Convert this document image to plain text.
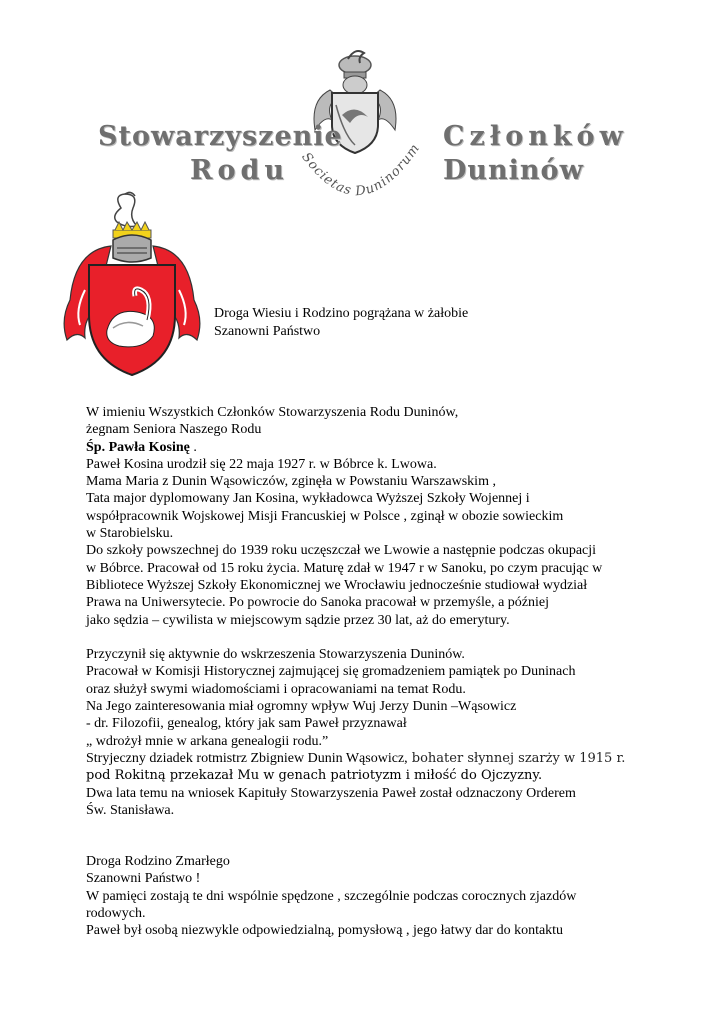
Stowarzyszenie	Członków
Rodu	Duninów
Societas Duninorum
Droga Wiesiu i Rodzino pogrążana w żałobie
Szanowni Państwo
W imieniu Wszystkich Członków Stowarzyszenia Rodu Duninów,
żegnam Seniora Naszego Rodu
Śp. Pawła Kosinę .
Paweł Kosina urodził się 22 maja 1927 r. w Bóbrce k. Lwowa.
Mama Maria z Dunin Wąsowiczów, zginęła w Powstaniu Warszawskim ,
Tata major dyplomowany Jan Kosina, wykładowca Wyższej Szkoły Wojennej i
współpracownik Wojskowej Misji Francuskiej w Polsce , zginął w obozie sowieckim
w Starobielsku.
Do szkoły powszechnej do 1939 roku uczęszczał we Lwowie a następnie podczas okupacji
w Bóbrce. Pracował od 15 roku życia. Maturę zdał w 1947 r w Sanoku, po czym pracując w
Bibliotece Wyższej Szkoły Ekonomicznej we Wrocławiu jednocześnie studiował wydział
Prawa na Uniwersytecie. Po powrocie do Sanoka pracował w przemyśle, a później
jako sędzia – cywilista w miejscowym sądzie przez 30 lat, aż do emerytury.
Przyczynił się aktywnie do wskrzeszenia Stowarzyszenia Duninów.
Pracował w Komisji Historycznej zajmującej się gromadzeniem pamiątek po Duninach
oraz służył swymi wiadomościami i opracowaniami na temat Rodu.
Na Jego zainteresowania miał ogromny wpływ Wuj Jerzy Dunin –Wąsowicz
- dr. Filozofii, genealog, który jak sam Paweł przyznawał
„ wdrożył mnie w arkana genealogii rodu.”
Stryjeczny dziadek rotmistrz Zbigniew Dunin Wąsowicz, bohater słynnej szarży w 1915 r.
pod Rokitną przekazał Mu w genach patriotyzm i miłość do Ojczyzny.
Dwa lata temu na wniosek Kapituły Stowarzyszenia Paweł został odznaczony Orderem
Św. Stanisława.
Droga Rodzino Zmarłego
Szanowni Państwo !
W pamięci zostają te dni wspólnie spędzone , szczególnie podczas corocznych zjazdów
rodowych.
Paweł był osobą niezwykle odpowiedzialną, pomysłową , jego łatwy dar do kontaktu
